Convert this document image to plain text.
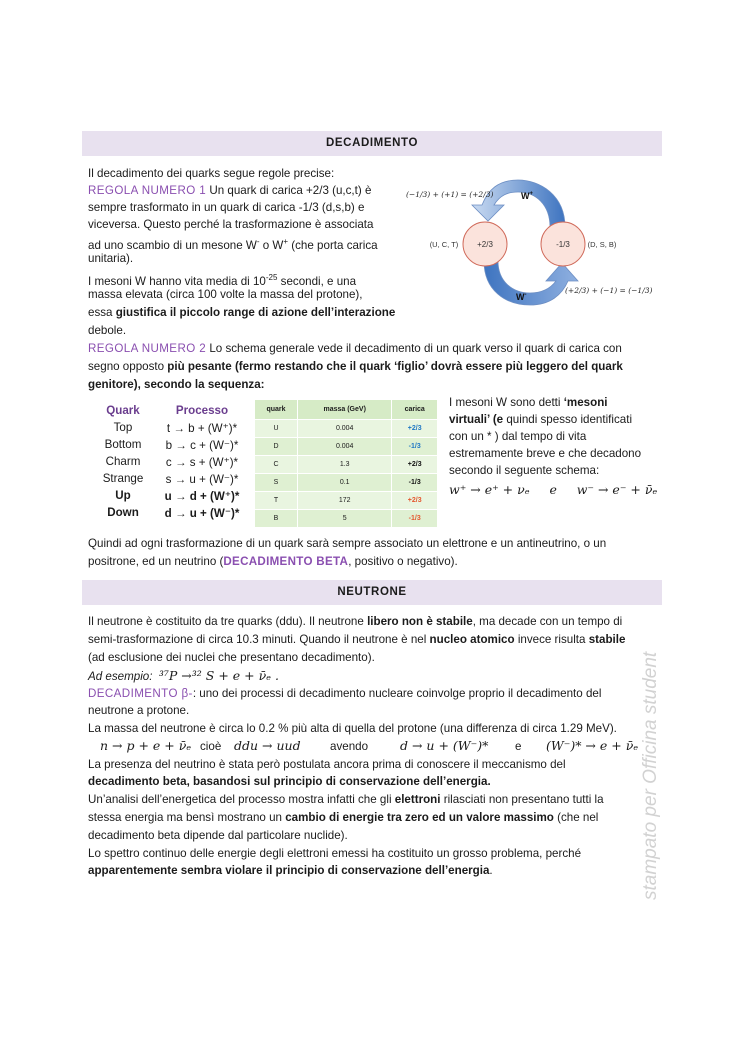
DECADIMENTO
Il decadimento dei quarks segue regole precise:
REGOLA NUMERO 1 Un quark di carica +2/3 (u,c,t) è
sempre trasformato in un quark di carica -1/3 (d,s,b) e
viceversa. Questo perché la trasformazione è associata
ad uno scambio di un mesone W- o W+ (che porta carica
unitaria).
I mesoni W hanno vita media di $10^{-25}$ secondi, e una
massa elevata (circa 100 volte la massa del protone),
essa giustifica il piccolo range di azione dell’interazione
debole.
REGOLA NUMERO 2 Lo schema generale vede il decadimento di un quark verso il quark di carica con
segno opposto più pesante (fermo restando che il quark ‘figlio’ dovrà essere più leggero del quark
genitore), secondo la sequenza:
+2/3	-1/3
(U, C, T)	(D, S, B)
W+
W-
(−1/3) + (+1) = (+2/3)
(+2/3) + (−1) = (−1/3)
Quark	Processo
Top	t → b + (W⁺)*
Bottom	b → c + (W⁻)*
Charm	c → s + (W⁺)*
Strange	s → u + (W⁻)*
Up	u → d + (W⁺)*
Down	d → u + (W⁻)*
quark	massa (GeV)	carica
U	0.004	+2/3
D	0.004	-1/3
C	1.3	+2/3
S	0.1	-1/3
T	172	+2/3
B	5	-1/3
I mesoni W sono detti ‘mesoni
virtuali’ (e quindi spesso identificati
con un * ) dal tempo di vita
estremamente breve e che decadono
secondo il seguente schema:
w⁺ → e⁺ + νₑ     e     w⁻ → e⁻ + ν̄ₑ
Quindi ad ogni trasformazione di un quark sarà sempre associato un elettrone e un antineutrino, o un
positrone, ed un neutrino (DECADIMENTO BETA, positivo o negativo).
NEUTRONE
Il neutrone è costituito da tre quarks (ddu). Il neutrone libero non è stabile, ma decade con un tempo di
semi-trasformazione di circa 10.3 minuti. Quando il neutrone è nel nucleo atomico invece risulta stabile
(ad esclusione dei nuclei che presentano decadimento).
Ad esempio: ³⁷P →³² S + e + ν̄ₑ .
DECADIMENTO β-: uno dei processi di decadimento nucleare coinvolge proprio il decadimento del
neutrone a protone.
La massa del neutrone è circa lo 0.2 % più alta di quella del protone (una differenza di circa 1.29 MeV).
n → p + e + ν̄ₑ cioè ddu → uud	avendo	d → u + (W⁻)* e (W⁻)* → e + ν̄ₑ
La presenza del neutrino è stata però postulata ancora prima di conoscere il meccanismo del
decadimento beta, basandosi sul principio di conservazione dell’energia.
Un’analisi dell’energetica del processo mostra infatti che gli elettroni rilasciati non presentano tutti la
stessa energia ma bensì mostrano un cambio di energie tra zero ed un valore massimo (che nel
decadimento beta dipende dal particolare nuclide).
Lo spettro continuo delle energie degli elettroni emessi ha costituito un grosso problema, perché
apparentemente sembra violare il principio di conservazione dell’energia.	stampato per Officina student
